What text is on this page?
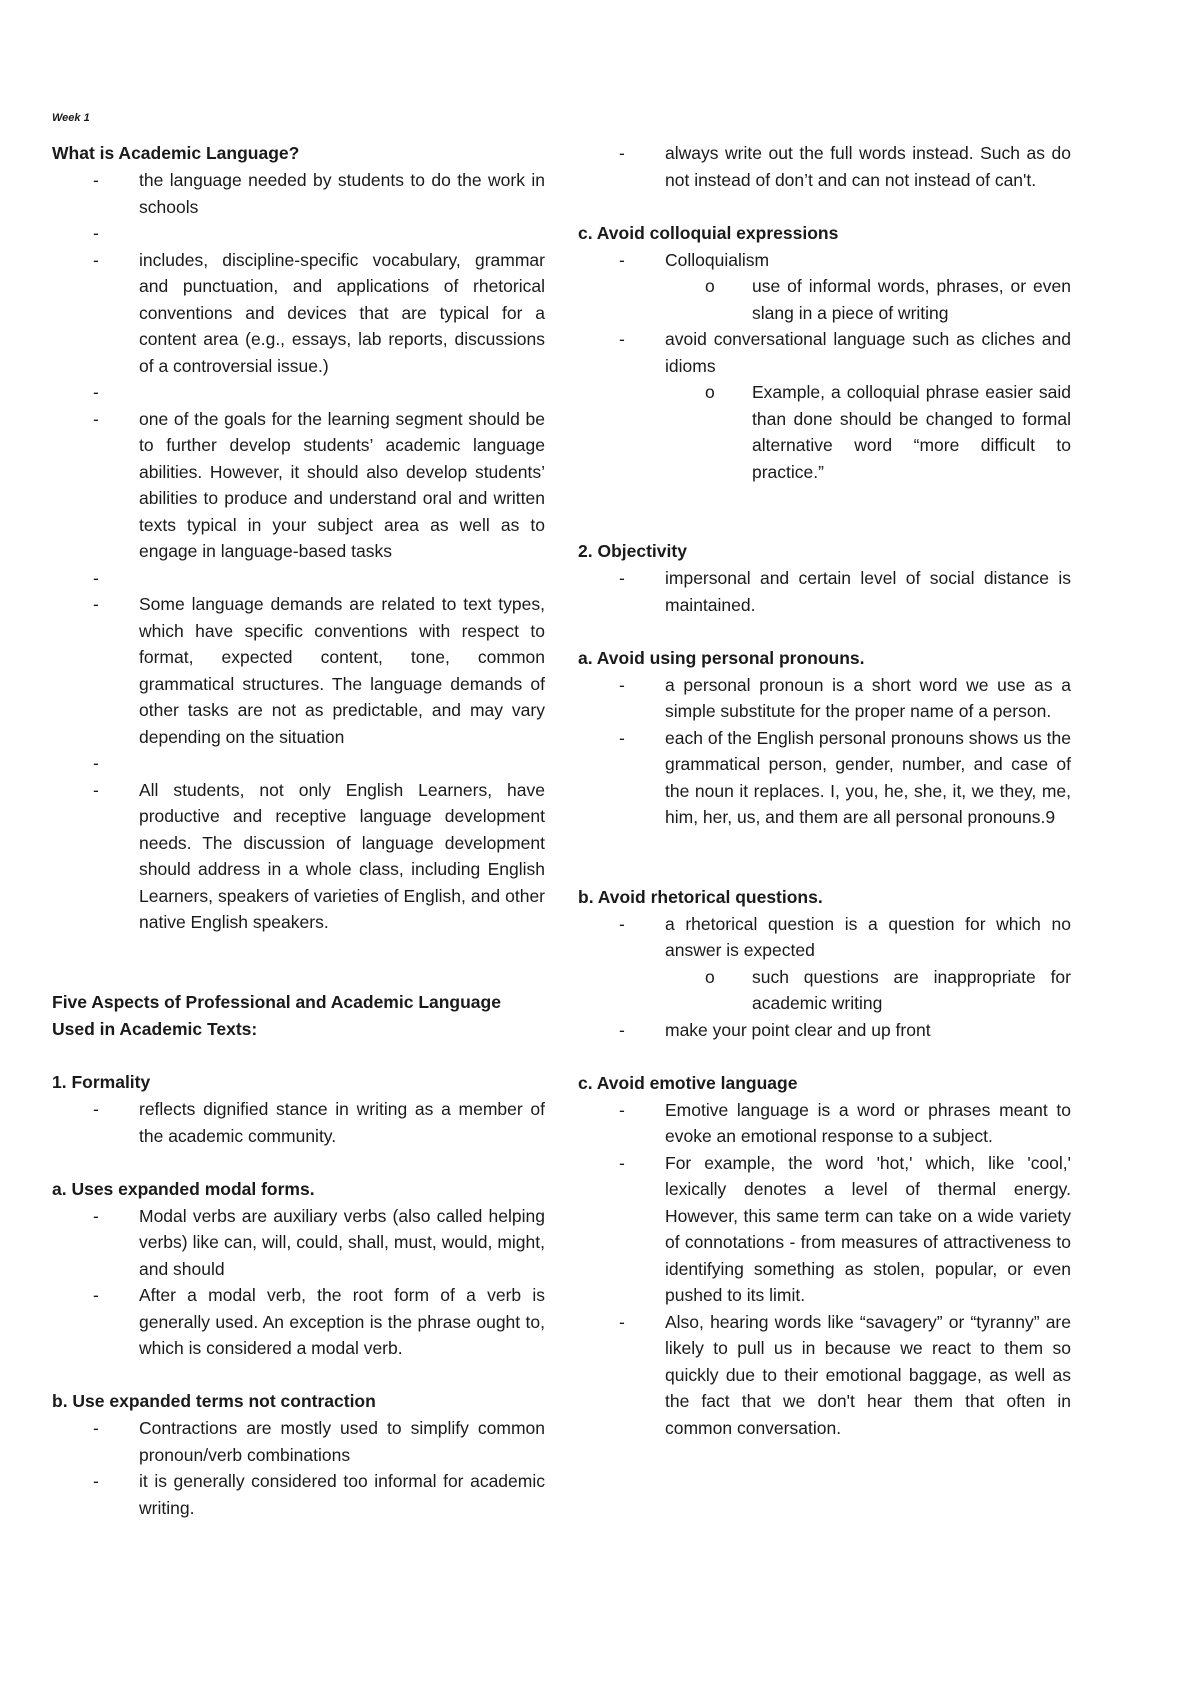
Week 1

What is Academic Language?

- the language needed by students to do the work in schools
-
- includes, discipline-specific vocabulary, grammar and punctuation, and applications of rhetorical conventions and devices that are typical for a content area (e.g., essays, lab reports, discussions of a controversial issue.)
-
- one of the goals for the learning segment should be to further develop students’ academic language abilities. However, it should also develop students’ abilities to produce and understand oral and written texts typical in your subject area as well as to engage in language-based tasks
-
- Some language demands are related to text types, which have specific conventions with respect to format, expected content, tone, common grammatical structures. The language demands of other tasks are not as predictable, and may vary depending on the situation
-
- All students, not only English Learners, have productive and receptive language development needs. The discussion of language development should address in a whole class, including English Learners, speakers of varieties of English, and other native English speakers.

Five Aspects of Professional and Academic Language Used in Academic Texts:

1. Formality

- reflects dignified stance in writing as a member of the academic community.

a. Uses expanded modal forms.

- Modal verbs are auxiliary verbs (also called helping verbs) like can, will, could, shall, must, would, might, and should
- After a modal verb, the root form of a verb is generally used. An exception is the phrase ought to, which is considered a modal verb.

b. Use expanded terms not contraction

- Contractions are mostly used to simplify common pronoun/verb combinations
- it is generally considered too informal for academic writing.
- always write out the full words instead. Such as do not instead of don’t and can not instead of can't.

c. Avoid colloquial expressions

- Colloquialism
o use of informal words, phrases, or even slang in a piece of writing
- avoid conversational language such as cliches and idioms
o Example, a colloquial phrase easier said than done should be changed to formal alternative word “more difficult to practice.”

2. Objectivity

- impersonal and certain level of social distance is maintained.

a. Avoid using personal pronouns.

- a personal pronoun is a short word we use as a simple substitute for the proper name of a person.
- each of the English personal pronouns shows us the grammatical person, gender, number, and case of the noun it replaces. I, you, he, she, it, we they, me, him, her, us, and them are all personal pronouns.9

b. Avoid rhetorical questions.

- a rhetorical question is a question for which no answer is expected
o such questions are inappropriate for academic writing
- make your point clear and up front

c. Avoid emotive language

- Emotive language is a word or phrases meant to evoke an emotional response to a subject.
- For example, the word 'hot,' which, like 'cool,' lexically denotes a level of thermal energy. However, this same term can take on a wide variety of connotations - from measures of attractiveness to identifying something as stolen, popular, or even pushed to its limit.
- Also, hearing words like “savagery” or “tyranny” are likely to pull us in because we react to them so quickly due to their emotional baggage, as well as the fact that we don't hear them that often in common conversation.
